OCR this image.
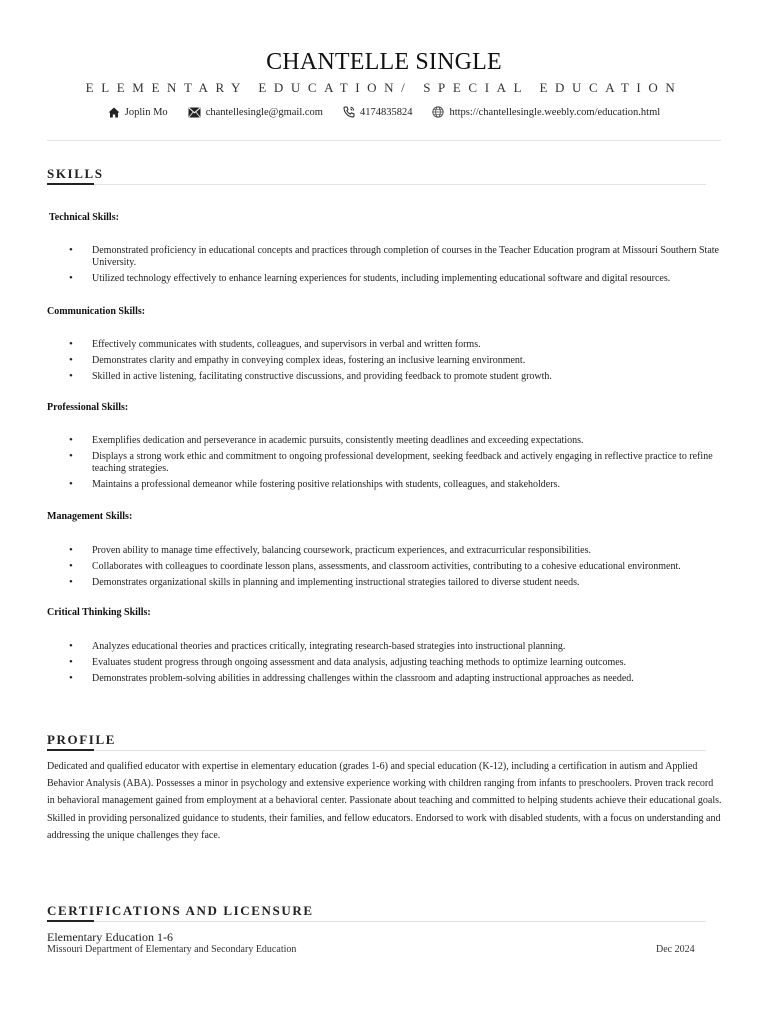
CHANTELLE SINGLE
ELEMENTARY EDUCATION/ SPECIAL EDUCATION
Joplin Mo	chantellesingle@gmail.com	4174835824	https://chantellesingle.weebly.com/education.html
SKILLS
Technical Skills:
• Demonstrated proficiency in educational concepts and practices through completion of courses in the Teacher Education program at Missouri Southern State University.
• Utilized technology effectively to enhance learning experiences for students, including implementing educational software and digital resources.
Communication Skills:
• Effectively communicates with students, colleagues, and supervisors in verbal and written forms.
• Demonstrates clarity and empathy in conveying complex ideas, fostering an inclusive learning environment.
• Skilled in active listening, facilitating constructive discussions, and providing feedback to promote student growth.
Professional Skills:
• Exemplifies dedication and perseverance in academic pursuits, consistently meeting deadlines and exceeding expectations.
• Displays a strong work ethic and commitment to ongoing professional development, seeking feedback and actively engaging in reflective practice to refine teaching strategies.
• Maintains a professional demeanor while fostering positive relationships with students, colleagues, and stakeholders.
Management Skills:
• Proven ability to manage time effectively, balancing coursework, practicum experiences, and extracurricular responsibilities.
• Collaborates with colleagues to coordinate lesson plans, assessments, and classroom activities, contributing to a cohesive educational environment.
• Demonstrates organizational skills in planning and implementing instructional strategies tailored to diverse student needs.
Critical Thinking Skills:
• Analyzes educational theories and practices critically, integrating research-based strategies into instructional planning.
• Evaluates student progress through ongoing assessment and data analysis, adjusting teaching methods to optimize learning outcomes.
• Demonstrates problem-solving abilities in addressing challenges within the classroom and adapting instructional approaches as needed.
PROFILE

Dedicated and qualified educator with expertise in elementary education (grades 1-6) and special education (K-12), including a certification in autism and Applied Behavior Analysis (ABA). Possesses a minor in psychology and extensive experience working with children ranging from infants to preschoolers. Proven track record in behavioral management gained from employment at a behavioral center. Passionate about teaching and committed to helping students achieve their educational goals. Skilled in providing personalized guidance to students, their families, and fellow educators. Endorsed to work with disabled students, with a focus on understanding and addressing the unique challenges they face.

CERTIFICATIONS AND LICENSURE
Elementary Education 1-6
Missouri Department of Elementary and Secondary Education	Dec 2024
